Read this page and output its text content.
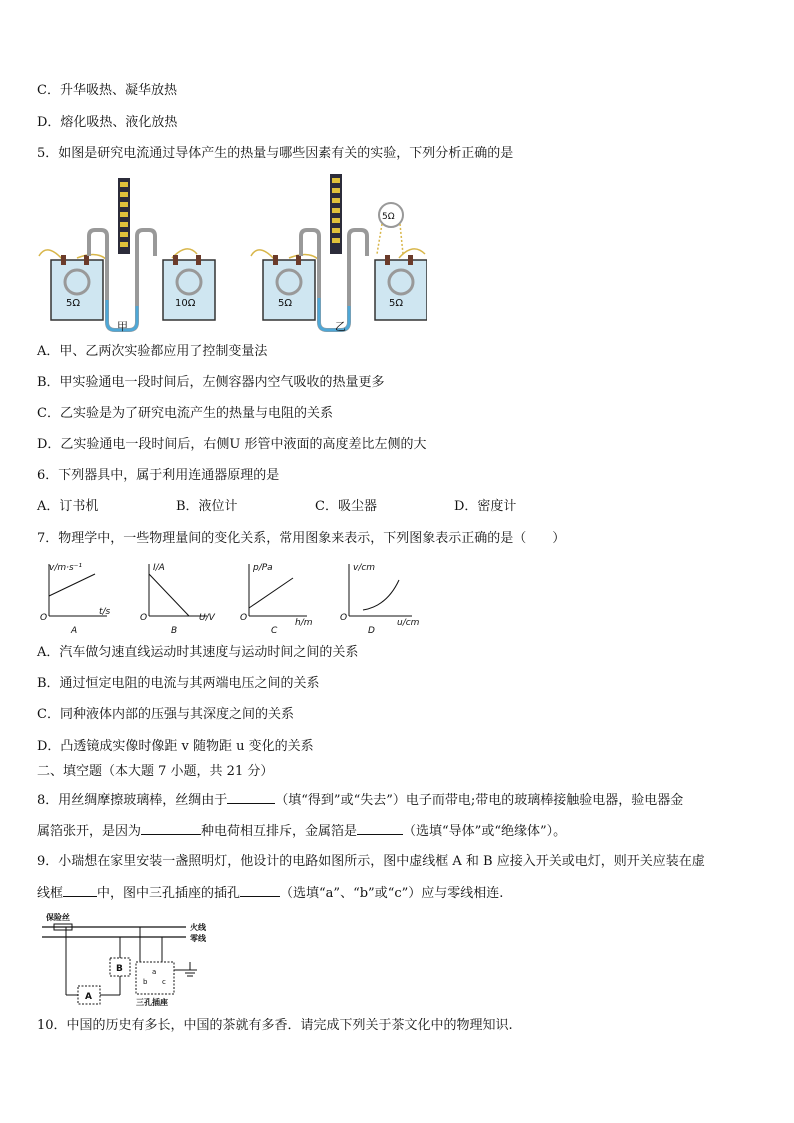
C．升华吸热、凝华放热
D．熔化吸热、液化放热
5．如图是研究电流通过导体产生的热量与哪些因素有关的实验，下列分析正确的是
5Ω	10Ω
甲
5Ω
5Ω	5Ω
乙
A．甲、乙两次实验都应用了控制变量法
B．甲实验通电一段时间后，左侧容器内空气吸收的热量更多
C．乙实验是为了研究电流产生的热量与电阻的关系
D．乙实验通电一段时间后，右侧U 形管中液面的高度差比左侧的大
6．下列器具中，属于利用连通器原理的是
A．订书机	B．液位计	C．吸尘器	D．密度计
7．物理学中，一些物理量间的变化关系，常用图象来表示，下列图象表示正确的是（　　）
v/m·s⁻¹
t/s
O
A
I/A
U/V
O
B
p/Pa
h/m
O
C
v/cm
u/cm
O
D
A．汽车做匀速直线运动时其速度与运动时间之间的关系
B．通过恒定电阻的电流与其两端电压之间的关系
C．同种液体内部的压强与其深度之间的关系
D．凸透镜成实像时像距 v 随物距 u 变化的关系
二、填空题（本大题 7 小题，共 21 分）
8．用丝绸摩擦玻璃棒，丝绸由于	（填“得到”或“失去”）电子而带电;带电的玻璃棒接触验电器，验电器金
属箔张开，是因为	种电荷相互排斥，金属箔是	（选填“导体”或“绝缘体”）。
9．小瑞想在家里安装一盏照明灯，他设计的电路如图所示，图中虚线框 A 和 B 应接入开关或电灯，则开关应装在虚
线框	中，图中三孔插座的插孔	（选填“a”、“b”或“c”）应与零线相连.
保险丝
火线
零线
A
B	a
b c
三孔插座
10．中国的历史有多长，中国的茶就有多香．请完成下列关于茶文化中的物理知识.
